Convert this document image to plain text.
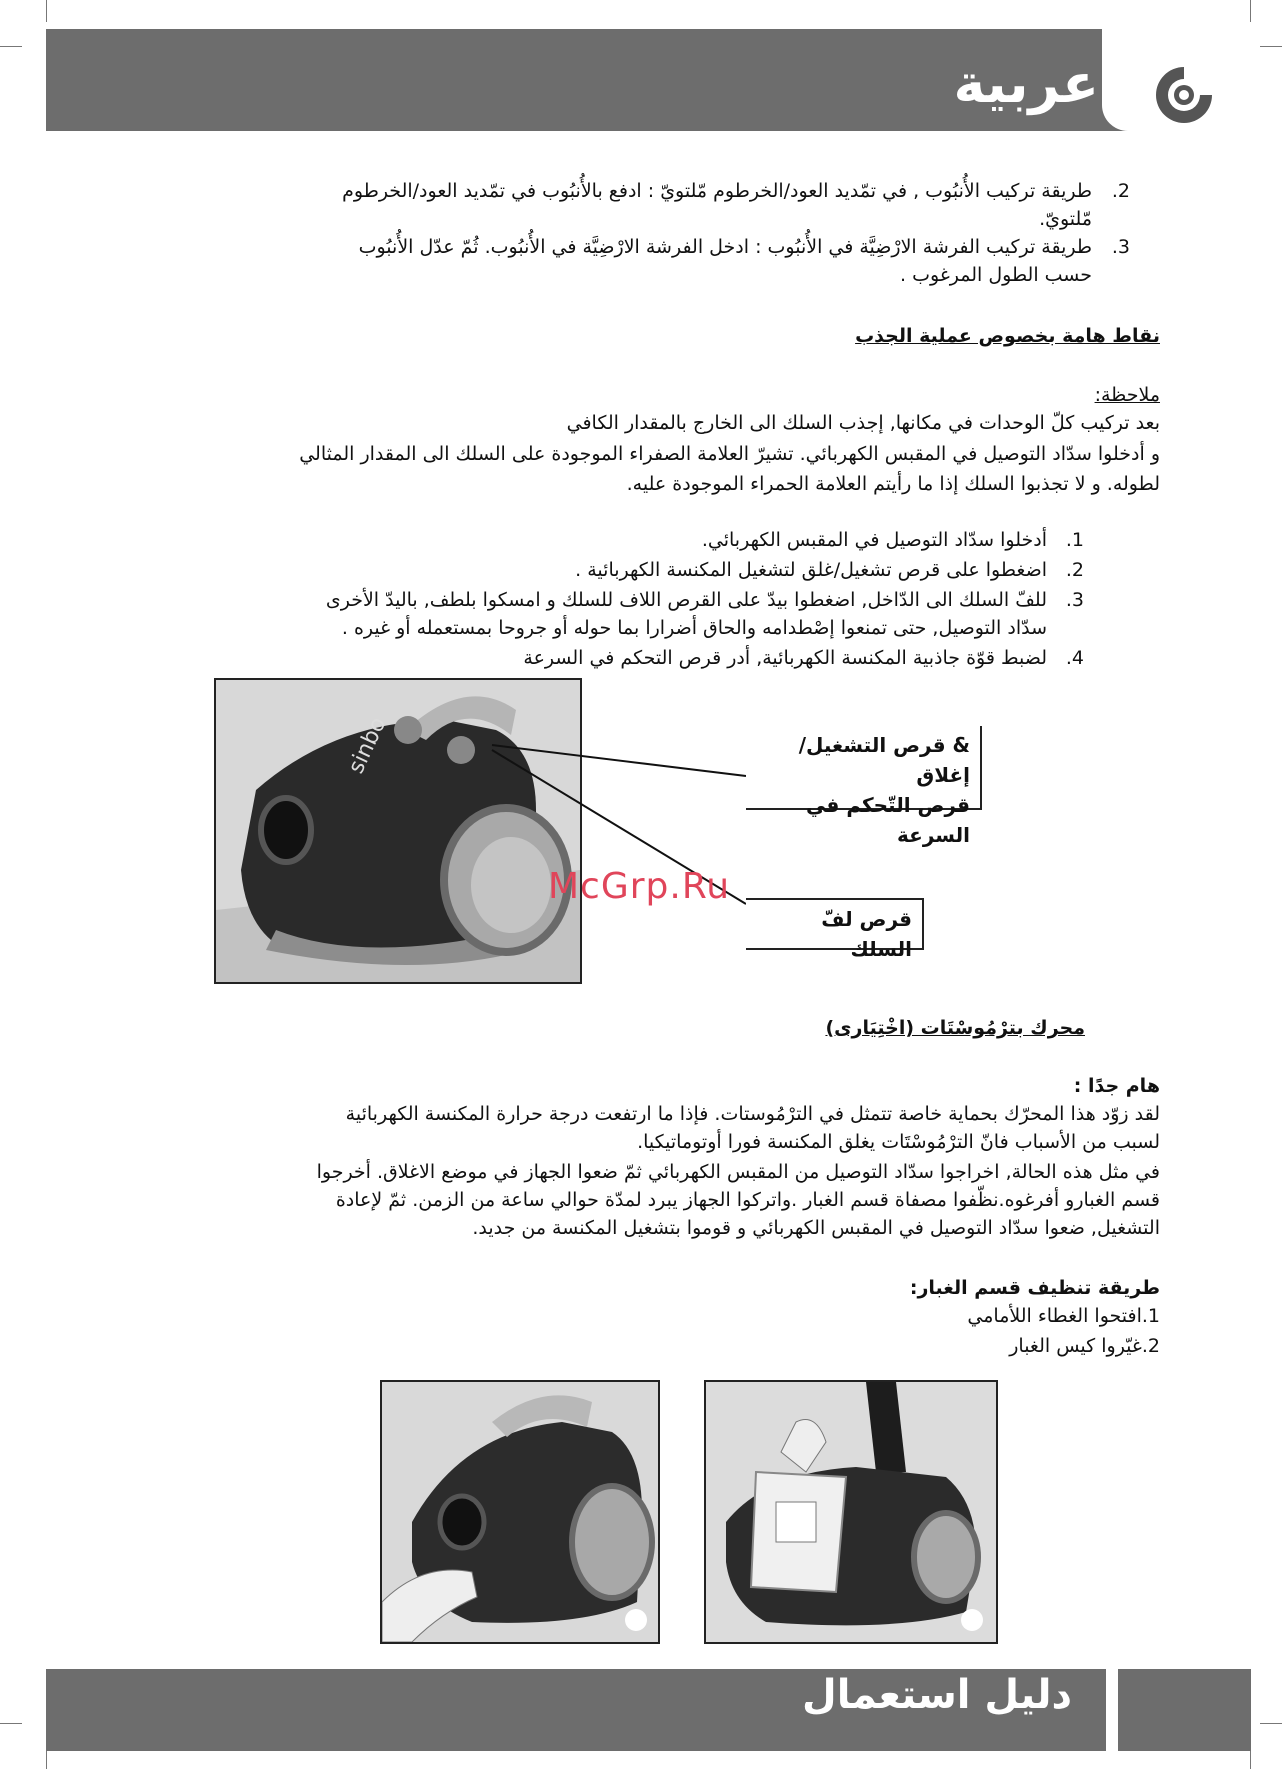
عربية
طريقة تركيب الأُنبُوب , في تمّديد العود/الخرطوم مّلتويّ : ادفع بالأُنبُوب في تمّديد العود/الخرطوم مّلتويّ.
2.
طريقة تركيب الفرشة الارْضِيَّة في الأُنبُوب : ادخل الفرشة الارْضِيَّة في الأُنبُوب. ثُمّ عدّل الأُنبُوب حسب الطول المرغوب .
3.
نقاط هامة بخصوص عملية الجذب
ملاحظة:
بعد تركيب كلّ الوحدات في مكانها, إجذب السلك الى الخارج بالمقدار الكافي
و أدخلوا سدّاد التوصيل في المقبس الكهربائي. تشيرّ العلامة الصفراء الموجودة على السلك الى المقدار المثالي
لطوله. و لا تجذبوا السلك إذا ما رأيتم العلامة الحمراء الموجودة عليه.
1.
أدخلوا سدّاد التوصيل في المقبس الكهربائي.
2.
اضغطوا على قرص تشغيل/غلق لتشغيل المكنسة الكهربائية .
3.
للفّ السلك الى الدّاخل, اضغطوا بيدّ على القرص اللاف للسلك و امسكوا بلطف, باليدّ الأخرى
سدّاد التوصيل, حتى تمنعوا إصْطدامه والحاق أضرارا بما حوله أو جروحا بمستعمله أو غيره .
4.
لضبط قوّة جاذبية المكنسة الكهربائية, أدر قرص التحكم في السرعة
sinbo	& قرص التشغيل/إغلاق
قرص التّحكم في السرعة
قرص لفّ السلك
McGrp.Ru
محرك بترْمُوسْتَات (اخْتِيَارى)
هام جدًا :
لقد زوّد هذا المحرّك بحماية خاصة تتمثل في الترْمُوستات. فإذا ما ارتفعت درجة حرارة المكنسة الكهربائية
لسبب من الأسباب فانّ الترْمُوسْتَات يغلق المكنسة فورا أوتوماتيكيا.
في مثل هذه الحالة, اخراجوا سدّاد التوصيل من المقبس الكهربائي ثمّ ضعوا الجهاز في موضع الاغلاق. أخرجوا
قسم الغبارو أفرغوه.نظّفوا مصفاة قسم الغبار .واتركوا الجهاز يبرد لمدّة حوالي ساعة من الزمن. ثمّ لإعادة
التشغيل, ضعوا سدّاد التوصيل في المقبس الكهربائي و قوموا بتشغيل المكنسة من جديد.
طريقة تنظيف قسم الغبار:
1.افتحوا الغطاء اللأمامي
2.غيّروا كيس الغبار
دليل استعمال
